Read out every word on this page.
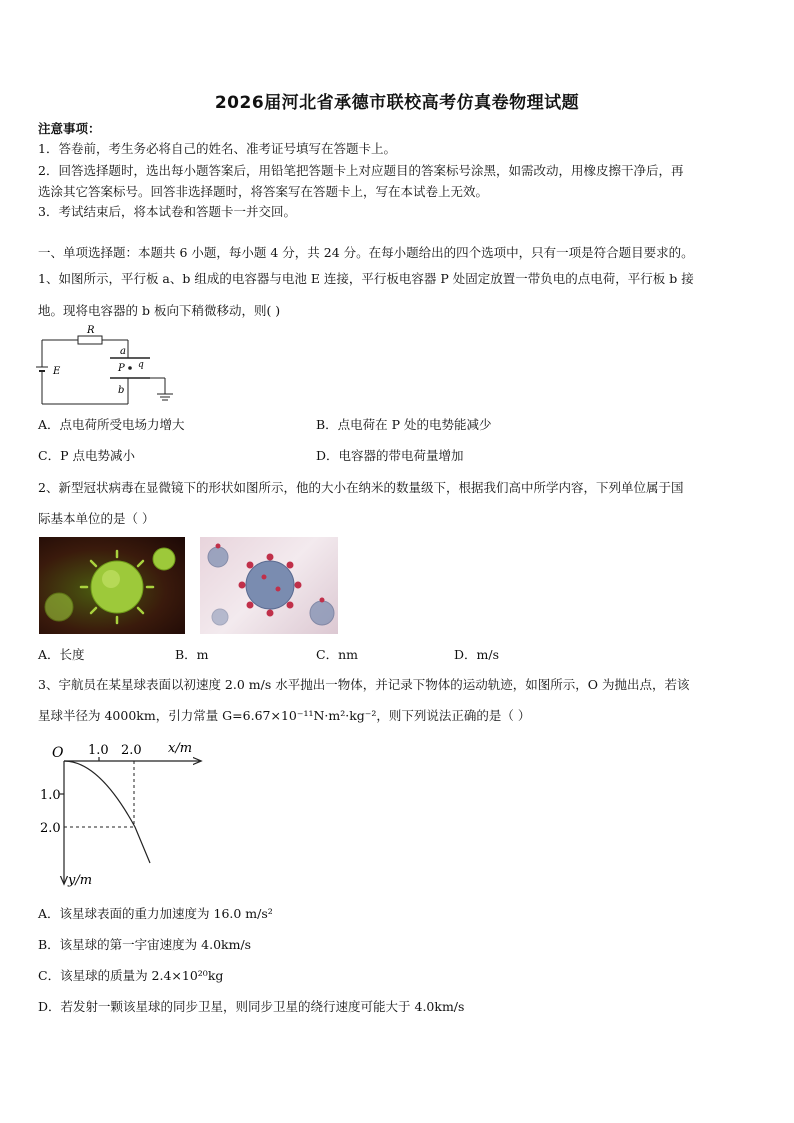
2026届河北省承德市联校高考仿真卷物理试题
注意事项：
1．答卷前，考生务必将自己的姓名、准考证号填写在答题卡上。
2．回答选择题时，选出每小题答案后，用铅笔把答题卡上对应题目的答案标号涂黑，如需改动，用橡皮擦干净后，再
选涂其它答案标号。回答非选择题时，将答案写在答题卡上，写在本试卷上无效。
3．考试结束后，将本试卷和答题卡一并交回。
一、单项选择题：本题共 6 小题，每小题 4 分，共 24 分。在每小题给出的四个选项中，只有一项是符合题目要求的。
1、如图所示，平行板 a、b 组成的电容器与电池 E 连接，平行板电容器 P 处固定放置一带负电的点电荷，平行板 b 接
地。现将电容器的 b 板向下稍微移动，则( )
R
E
a
b
P q
A．点电荷所受电场力增大	B．点电荷在 P 处的电势能减少
C．P 点电势减小	D．电容器的带电荷量增加
2、新型冠状病毒在显微镜下的形状如图所示，他的大小在纳米的数量级下，根据我们高中所学内容，下列单位属于国
际基本单位的是（ ）
A．长度	B．m	C．nm	D．m/s
3、宇航员在某星球表面以初速度 2.0 m/s 水平抛出一物体，并记录下物体的运动轨迹，如图所示，O 为抛出点，若该
星球半径为 4000km，引力常量 G=6.67×10⁻¹¹N·m²·kg⁻²，则下列说法正确的是（ ）
O 1.0 2.0 x/m
1.0
2.0
y/m
A．该星球表面的重力加速度为 16.0 m/s²
B．该星球的第一宇宙速度为 4.0km/s
C．该星球的质量为 2.4×10²⁰kg
D．若发射一颗该星球的同步卫星，则同步卫星的绕行速度可能大于 4.0km/s
